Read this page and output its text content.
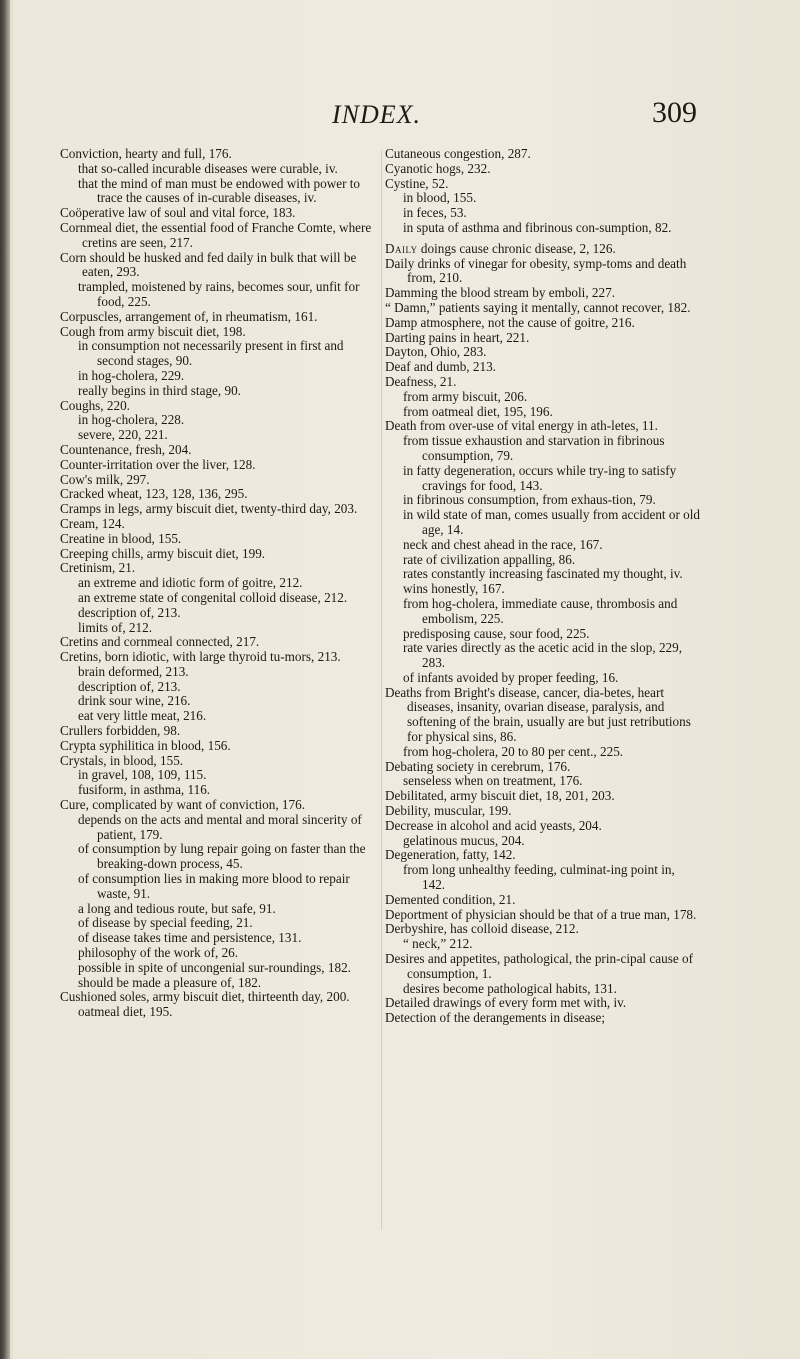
INDEX.	309
Conviction, hearty and full, 176.
that so-called incurable diseases were curable, iv.
that the mind of man must be endowed with power to trace the causes of in-curable diseases, iv.
Coöperative law of soul and vital force, 183.
Cornmeal diet, the essential food of Franche Comte, where cretins are seen, 217.
Corn should be husked and fed daily in bulk that will be eaten, 293.
trampled, moistened by rains, becomes sour, unfit for food, 225.
Corpuscles, arrangement of, in rheumatism, 161.
Cough from army biscuit diet, 198.
in consumption not necessarily present in first and second stages, 90.
in hog-cholera, 229.
really begins in third stage, 90.
Coughs, 220.
in hog-cholera, 228.
severe, 220, 221.
Countenance, fresh, 204.
Counter-irritation over the liver, 128.
Cow's milk, 297.
Cracked wheat, 123, 128, 136, 295.
Cramps in legs, army biscuit diet, twenty-third day, 203.
Cream, 124.
Creatine in blood, 155.
Creeping chills, army biscuit diet, 199.
Cretinism, 21.
an extreme and idiotic form of goitre, 212.
an extreme state of congenital colloid disease, 212.
description of, 213.
limits of, 212.
Cretins and cornmeal connected, 217.
Cretins, born idiotic, with large thyroid tu-mors, 213.
brain deformed, 213.
description of, 213.
drink sour wine, 216.
eat very little meat, 216.
Crullers forbidden, 98.
Crypta syphilitica in blood, 156.
Crystals, in blood, 155.
in gravel, 108, 109, 115.
fusiform, in asthma, 116.
Cure, complicated by want of conviction, 176.
depends on the acts and mental and moral sincerity of patient, 179.
of consumption by lung repair going on faster than the breaking-down process, 45.
of consumption lies in making more blood to repair waste, 91.
a long and tedious route, but safe, 91.
of disease by special feeding, 21.
of disease takes time and persistence, 131.
philosophy of the work of, 26.
possible in spite of uncongenial sur-roundings, 182.
should be made a pleasure of, 182.
Cushioned soles, army biscuit diet, thirteenth day, 200.
oatmeal diet, 195.
Cutaneous congestion, 287.
Cyanotic hogs, 232.
Cystine, 52.
in blood, 155.
in feces, 53.
in sputa of asthma and fibrinous con-sumption, 82.
Daily doings cause chronic disease, 2, 126.
Daily drinks of vinegar for obesity, symp-toms and death from, 210.
Damming the blood stream by emboli, 227.
“ Damn,” patients saying it mentally, cannot recover, 182.
Damp atmosphere, not the cause of goitre, 216.
Darting pains in heart, 221.
Dayton, Ohio, 283.
Deaf and dumb, 213.
Deafness, 21.
from army biscuit, 206.
from oatmeal diet, 195, 196.
Death from over-use of vital energy in ath-letes, 11.
from tissue exhaustion and starvation in fibrinous consumption, 79.
in fatty degeneration, occurs while try-ing to satisfy cravings for food, 143.
in fibrinous consumption, from exhaus-tion, 79.
in wild state of man, comes usually from accident or old age, 14.
neck and chest ahead in the race, 167.
rate of civilization appalling, 86.
rates constantly increasing fascinated my thought, iv.
wins honestly, 167.
from hog-cholera, immediate cause, thrombosis and embolism, 225.
predisposing cause, sour food, 225.
rate varies directly as the acetic acid in the slop, 229, 283.
of infants avoided by proper feeding, 16.
Deaths from Bright's disease, cancer, dia-betes, heart diseases, insanity, ovarian disease, paralysis, and softening of the brain, usually are but just retributions for physical sins, 86.
from hog-cholera, 20 to 80 per cent., 225.
Debating society in cerebrum, 176.
senseless when on treatment, 176.
Debilitated, army biscuit diet, 18, 201, 203.
Debility, muscular, 199.
Decrease in alcohol and acid yeasts, 204.
gelatinous mucus, 204.
Degeneration, fatty, 142.
from long unhealthy feeding, culminat-ing point in, 142.
Demented condition, 21.
Deportment of physician should be that of a true man, 178.
Derbyshire, has colloid disease, 212.
“ neck,” 212.
Desires and appetites, pathological, the prin-cipal cause of consumption, 1.
desires become pathological habits, 131.
Detailed drawings of every form met with, iv.
Detection of the derangements in disease;
